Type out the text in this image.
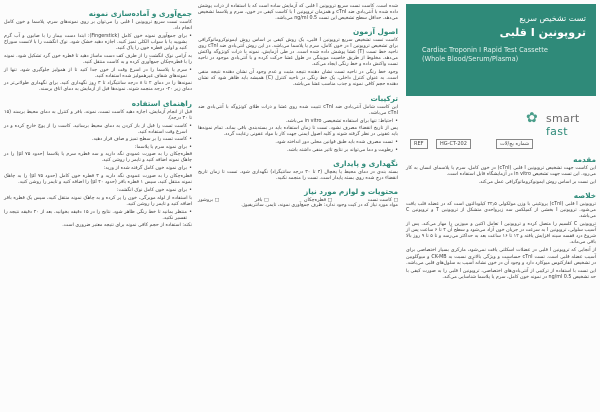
جمع‌آوری و آماده‌سازی نمونه
کاست تست سریع تروپونین I قلبی را می‌توان بر روی نمونه‌های سرم، پلاسما و خون کامل انجام داد.
• برای جمع‌آوری نمونه خون کامل (Fingerstick): ابتدا دست بیمار را با صابون و آب گرم بشویید یا با سواب الکلی تمیز کنید. اجازه دهید خشک شود. نوک انگشت را با لانست سوراخ کنید و اولین قطره خون را پاک کنید.
به آرامی نوک انگشت را از طرف کف دست ماساژ دهید تا قطره خون گرد تشکیل شود. نمونه را با قطره‌چکان جمع‌آوری کرده و به کاست منتقل کنید.
• سرم یا پلاسما را در اسرع وقت از خون جدا کنید تا از همولیز جلوگیری شود. تنها از نمونه‌های شفاف غیرهمولیز شده استفاده کنید.
نمونه‌ها را در دمای ۲ تا ۸ درجه سانتیگراد تا ۳ روز نگهداری کنید. برای نگهداری طولانی‌تر در دمای زیر ۲۰- درجه منجمد شوند. نمونه‌ها قبل از آزمایش به دمای اتاق برسند.
راهنمای استفاده
قبل از انجام آزمایش، اجازه دهید کاست تست، نمونه، بافر و کنترل به دمای محیط برسند (۱۵ تا ۳۰ درجه).
• کاست تست را قبل از باز کردن به دمای محیط برسانید. کاست را از پوچ خارج کرده و در اسرع وقت استفاده کنید.
• کاست تست را بر سطح تمیز و صاف قرار دهید.
• برای نمونه سرم یا پلاسما:
قطره‌چکان را به صورت عمودی نگه دارید و سه قطره سرم یا پلاسما (حدود ۷۵ μl) را در چاهک نمونه اضافه کنید و تایمر را روشن کنید.
• برای نمونه خون کامل گرفته شده از ورید:
قطره‌چکان را به صورت عمودی نگه دارید و ۳ قطره خون کامل (حدود ۷۵ μl) را به چاهک نمونه منتقل کنید، سپس ۱ قطره بافر (حدود ۴۰ μl) را اضافه کنید و تایمر را روشن کنید.
• برای نمونه خون کامل نوک انگشت:
با استفاده از لوله مویرگی، خون را پر کرده و به چاهک نمونه منتقل کنید، سپس یک قطره بافر اضافه کنید و تایمر را روشن کنید.
• منتظر بمانید تا خط رنگی ظاهر شود. نتایج را در ۱۵ دقیقه بخوانید. بعد از ۲۰ دقیقه نتیجه را تفسیر نکنید.
نکته: استفاده از حجم کافی نمونه برای نتیجه معتبر ضروری است.
شده است. کاست تست سریع تروپونین I قلبی که آزمایش ساده است که با استفاده از ذرات پوشش داده شده با آنتی‌بادی ضد cTnI و همزمان تروپونین I با کاست کیفی در خون، سرم و پلاسما تشخیص می‌دهد. حداقل سطح تشخیص این تست 0.5 ng/ml می‌باشد.
اصول آزمون
کاست تست تشخیص سریع تروپونین I قلبی، یک روش کیفی بر اساس روش ایمونوکروماتوگرافی برای تشخیص تروپونین I در خون کامل، سرم یا پلاسما می‌باشد. در این روش آنتی‌بادی ضد cTnI روی ناحیه خط تست (T) غشا پوشش داده شده است. در طی آزمایش، نمونه با ذرات کونژوگه واکنش می‌دهد. مخلوط از طریق خاصیت مویینگی در طول غشا حرکت کرده و با آنتی‌بادی موجود در ناحیه تست واکنش داده و خط رنگی ایجاد می‌کند.
وجود خط رنگی در ناحیه تست نشان دهنده نتیجه مثبت و عدم وجود آن نشان دهنده نتیجه منفی است. به عنوان کنترل داخلی، یک خط رنگی در ناحیه کنترل (C) همیشه باید ظاهر شود که نشان دهنده حجم کافی نمونه و جذب مناسب غشا می‌باشد.
ترکیبات
این کاست شامل آنتی‌بادی ضد cTnI تثبیت شده روی غشا و ذرات طلای کونژوگه با آنتی‌بادی ضد cTnI می‌باشد.
• احتیاط: تنها برای استفاده تشخیصی in vitro می‌باشد.
پس از تاریخ انقضاء مصرف نشود. تست تا زمان استفاده باید در بسته‌بندی باقی بماند. تمام نمونه‌ها باید عفونی در نظر گرفته شوند و کلیه اصول ایمنی جهت کار با مواد عفونی رعایت گردد.
• تست مصرف شده باید طبق قوانین محلی دور انداخته شود.
• رطوبت و دما می‌تواند بر نتایج تاثیر منفی داشته باشد.
نگهداری و پایداری
بسته بندی در دمای محیط یا یخچال (۴ تا ۳۰ درجه سانتیگراد) نگهداری شود. تست تا زمان تاریخ انقضاء درج شده روی بسته پایدار است. تست را منجمد نکنید.
محتویات و لوازم مورد نیاز
□ کاست تست
□ قطره‌چکان
□ بافر
□ بروشور
مواد مورد نیاز که در کیت وجود ندارد: ظرف جمع‌آوری نمونه، تایمر، سانتریفیوژ.
تست تشخیص سریع
تروپونین I قلبی
Cardiac Troponin I Rapid Test Cassette
(Whole Blood/Serum/Plasma)
✿ smart fast
REF	HG-CT-202	شماره بچ/لات
مقدمه
این کاست جهت تشخیص تروپونین I قلبی (cTnI) در خون کامل، سرم یا پلاسمای انسان به کار می‌رود. این تست جهت تشخیص in vitro در آزمایشگاه قابل استفاده است.
این تست بر اساس روش ایمونوکروماتوگرافی عمل می‌کند.
خلاصه
تروپونین I قلبی (cTnI) پروتئینی با وزن مولکولی ۲۲٫۵ کیلودالتون است که در عضله قلب یافت می‌شود. تروپونین I بخشی از کمپلکس سه زیرواحدی متشکل از تروپونین T و تروپونین C می‌باشد.
تروپونین C کلسیم را متصل کرده و تروپونین I تعامل اکتین و میوزین را مهار می‌کند. پس از آسیب سلولی، تروپونین I به سرعت در جریان خون آزاد می‌شود و سطح آن ۴ تا ۶ ساعت پس از شروع درد قفسه سینه افزایش یافته و ۱۲ تا ۱۶ ساعت بعد به حداکثر می‌رسد و تا ۵ تا ۹ روز بالا باقی می‌ماند.
از آنجایی که تروپونین I قلبی در عضلات اسکلتی یافت نمی‌شود، مارکری بسیار اختصاصی برای آسیب عضله قلبی است. تست cTnI حساسیت و ویژگی بالاتری نسبت به CK-MB و میوگلوبین در تشخیص انفارکتوس میوکارد دارد و وجود آن در خون نشانه آسیب به سلول‌های قلبی می‌باشد.
این تست با استفاده از ترکیبی از آنتی‌بادی‌های اختصاصی، تروپونین I قلبی را به صورت کیفی با حد تشخیص 0.5 ng/ml در نمونه خون کامل، سرم یا پلاسما شناسایی می‌کند.
